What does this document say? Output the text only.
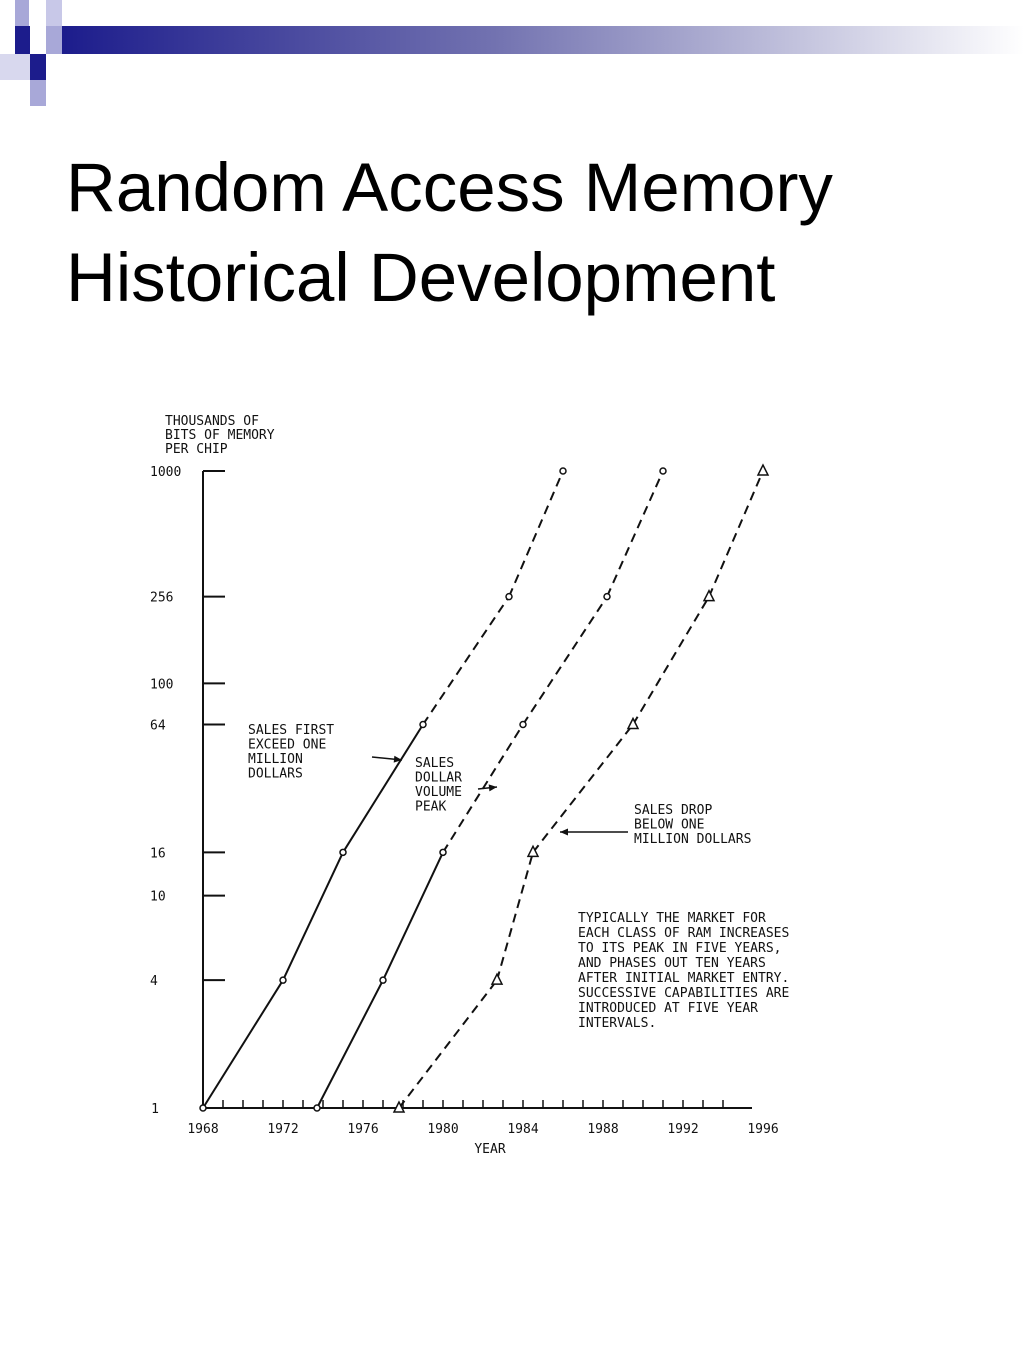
Random Access Memory
Historical Development
THOUSANDS OF
BITS OF MEMORY
PER CHIP
1
4
10
16
64
100
256
1000
1968	1972	1976	1980	1984	1988	1992	1996
YEAR
SALES FIRST
EXCEED ONE
MILLION
DOLLARS
SALES
DOLLAR
VOLUME
PEAK	SALES DROP
BELOW ONE
MILLION DOLLARS
TYPICALLY THE MARKET FOR
EACH CLASS OF RAM INCREASES
TO ITS PEAK IN FIVE YEARS,
AND PHASES OUT TEN YEARS
AFTER INITIAL MARKET ENTRY.
SUCCESSIVE CAPABILITIES ARE
INTRODUCED AT FIVE YEAR
INTERVALS.
